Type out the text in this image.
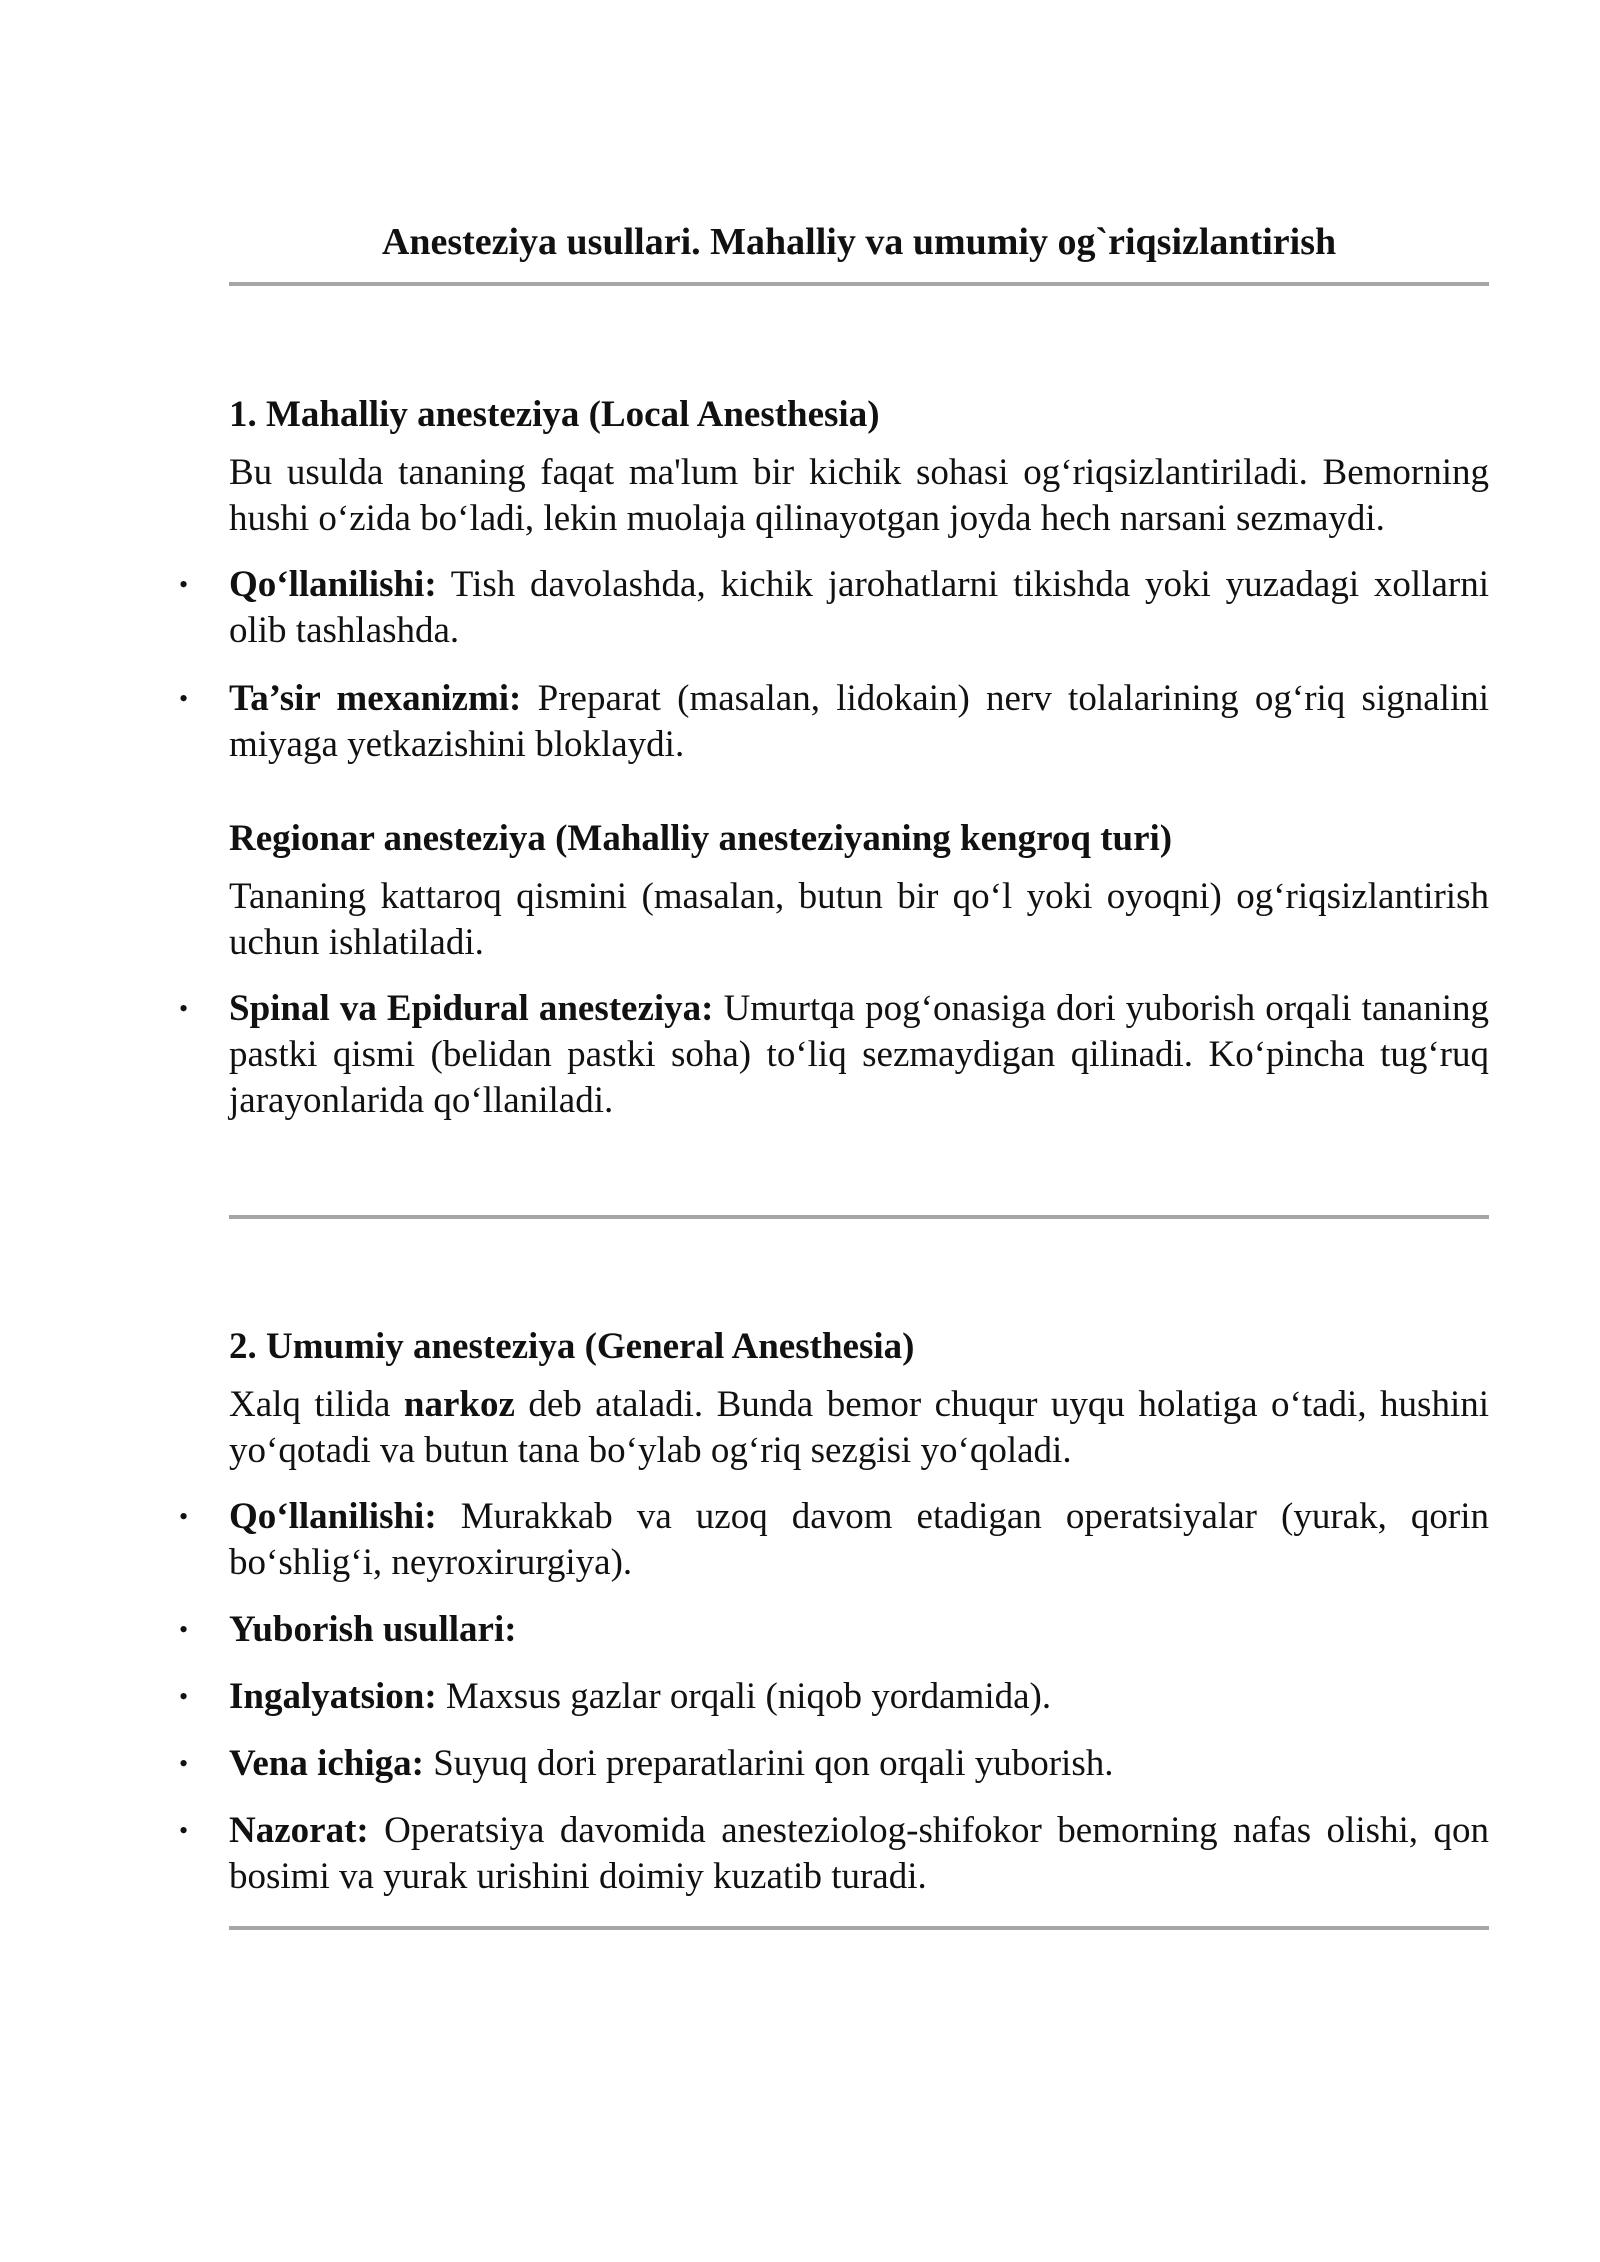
Anesteziya usullari. Mahalliy va umumiy og`riqsizlantirish
1. Mahalliy anesteziya (Local Anesthesia)

Bu usulda tananing faqat ma'lum bir kichik sohasi og‘riqsizlantiriladi. Bemorning hushi o‘zida bo‘ladi, lekin muolaja qilinayotgan joyda hech narsani sezmaydi.

• Qo‘llanilishi: Tish davolashda, kichik jarohatlarni tikishda yoki yuzadagi xollarni olib tashlashda.
• Ta’sir mexanizmi: Preparat (masalan, lidokain) nerv tolalarining og‘riq signalini miyaga yetkazishini bloklaydi.
Regionar anesteziya (Mahalliy anesteziyaning kengroq turi)

Tananing kattaroq qismini (masalan, butun bir qo‘l yoki oyoqni) og‘riqsizlantirish uchun ishlatiladi.

• Spinal va Epidural anesteziya: Umurtqa pog‘onasiga dori yuborish orqali tananing pastki qismi (belidan pastki soha) to‘liq sezmaydigan qilinadi. Ko‘pincha tug‘ruq jarayonlarida qo‘llaniladi.
2. Umumiy anesteziya (General Anesthesia)

Xalq tilida narkoz deb ataladi. Bunda bemor chuqur uyqu holatiga o‘tadi, hushini yo‘qotadi va butun tana bo‘ylab og‘riq sezgisi yo‘qoladi.

• Qo‘llanilishi: Murakkab va uzoq davom etadigan operatsiyalar (yurak, qorin bo‘shlig‘i, neyroxirurgiya).
• Yuborish usullari:
• Ingalyatsion: Maxsus gazlar orqali (niqob yordamida).
• Vena ichiga: Suyuq dori preparatlarini qon orqali yuborish.
• Nazorat: Operatsiya davomida anesteziolog-shifokor bemorning nafas olishi, qon bosimi va yurak urishini doimiy kuzatib turadi.
